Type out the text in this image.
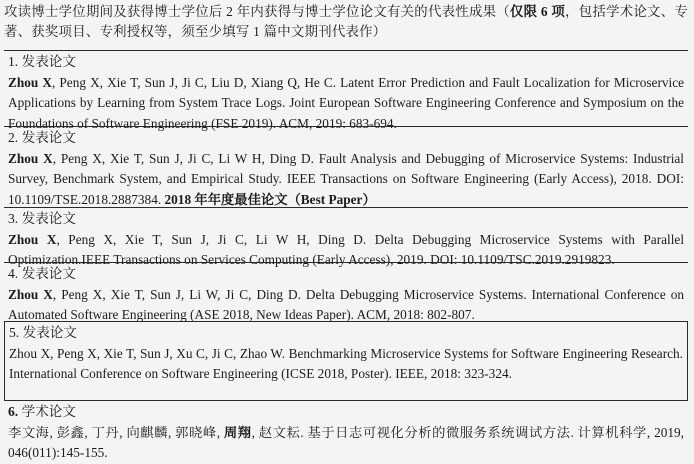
攻读博士学位期间及获得博士学位后 2 年内获得与博士学位论文有关的代表性成果（仅限 6 项，包括学术论文、专著、获奖项目、专利授权等，须至少填写 1 篇中文期刊代表作）
1. 发表论文
Zhou X, Peng X, Xie T, Sun J, Ji C, Liu D, Xiang Q, He C. Latent Error Prediction and Fault Localization for Microservice Applications by Learning from System Trace Logs. Joint European Software Engineering Conference and Symposium on the Foundations of Software Engineering (FSE 2019). ACM, 2019: 683-694.
2. 发表论文
Zhou X, Peng X, Xie T, Sun J, Ji C, Li W H, Ding D. Fault Analysis and Debugging of Microservice Systems: Industrial Survey, Benchmark System, and Empirical Study. IEEE Transactions on Software Engineering (Early Access), 2018. DOI: 10.1109/TSE.2018.2887384. 2018 年年度最佳论文（Best Paper）
3. 发表论文
Zhou X, Peng X, Xie T, Sun J, Ji C, Li W H, Ding D. Delta Debugging Microservice Systems with Parallel Optimization.IEEE Transactions on Services Computing (Early Access), 2019. DOI: 10.1109/TSC.2019.2919823.
4. 发表论文
Zhou X, Peng X, Xie T, Sun J, Li W, Ji C, Ding D. Delta Debugging Microservice Systems. International Conference on Automated Software Engineering (ASE 2018, New Ideas Paper). ACM, 2018: 802-807.
5. 发表论文
Zhou X, Peng X, Xie T, Sun J, Xu C, Ji C, Zhao W. Benchmarking Microservice Systems for Software Engineering Research. International Conference on Software Engineering (ICSE 2018, Poster). IEEE, 2018: 323-324.
6. 学术论文
李文海, 彭鑫, 丁丹, 向麒麟, 郭晓峰, 周翔, 赵文耘. 基于日志可视化分析的微服务系统调试方法. 计算机科学, 2019, 046(011):145-155.
